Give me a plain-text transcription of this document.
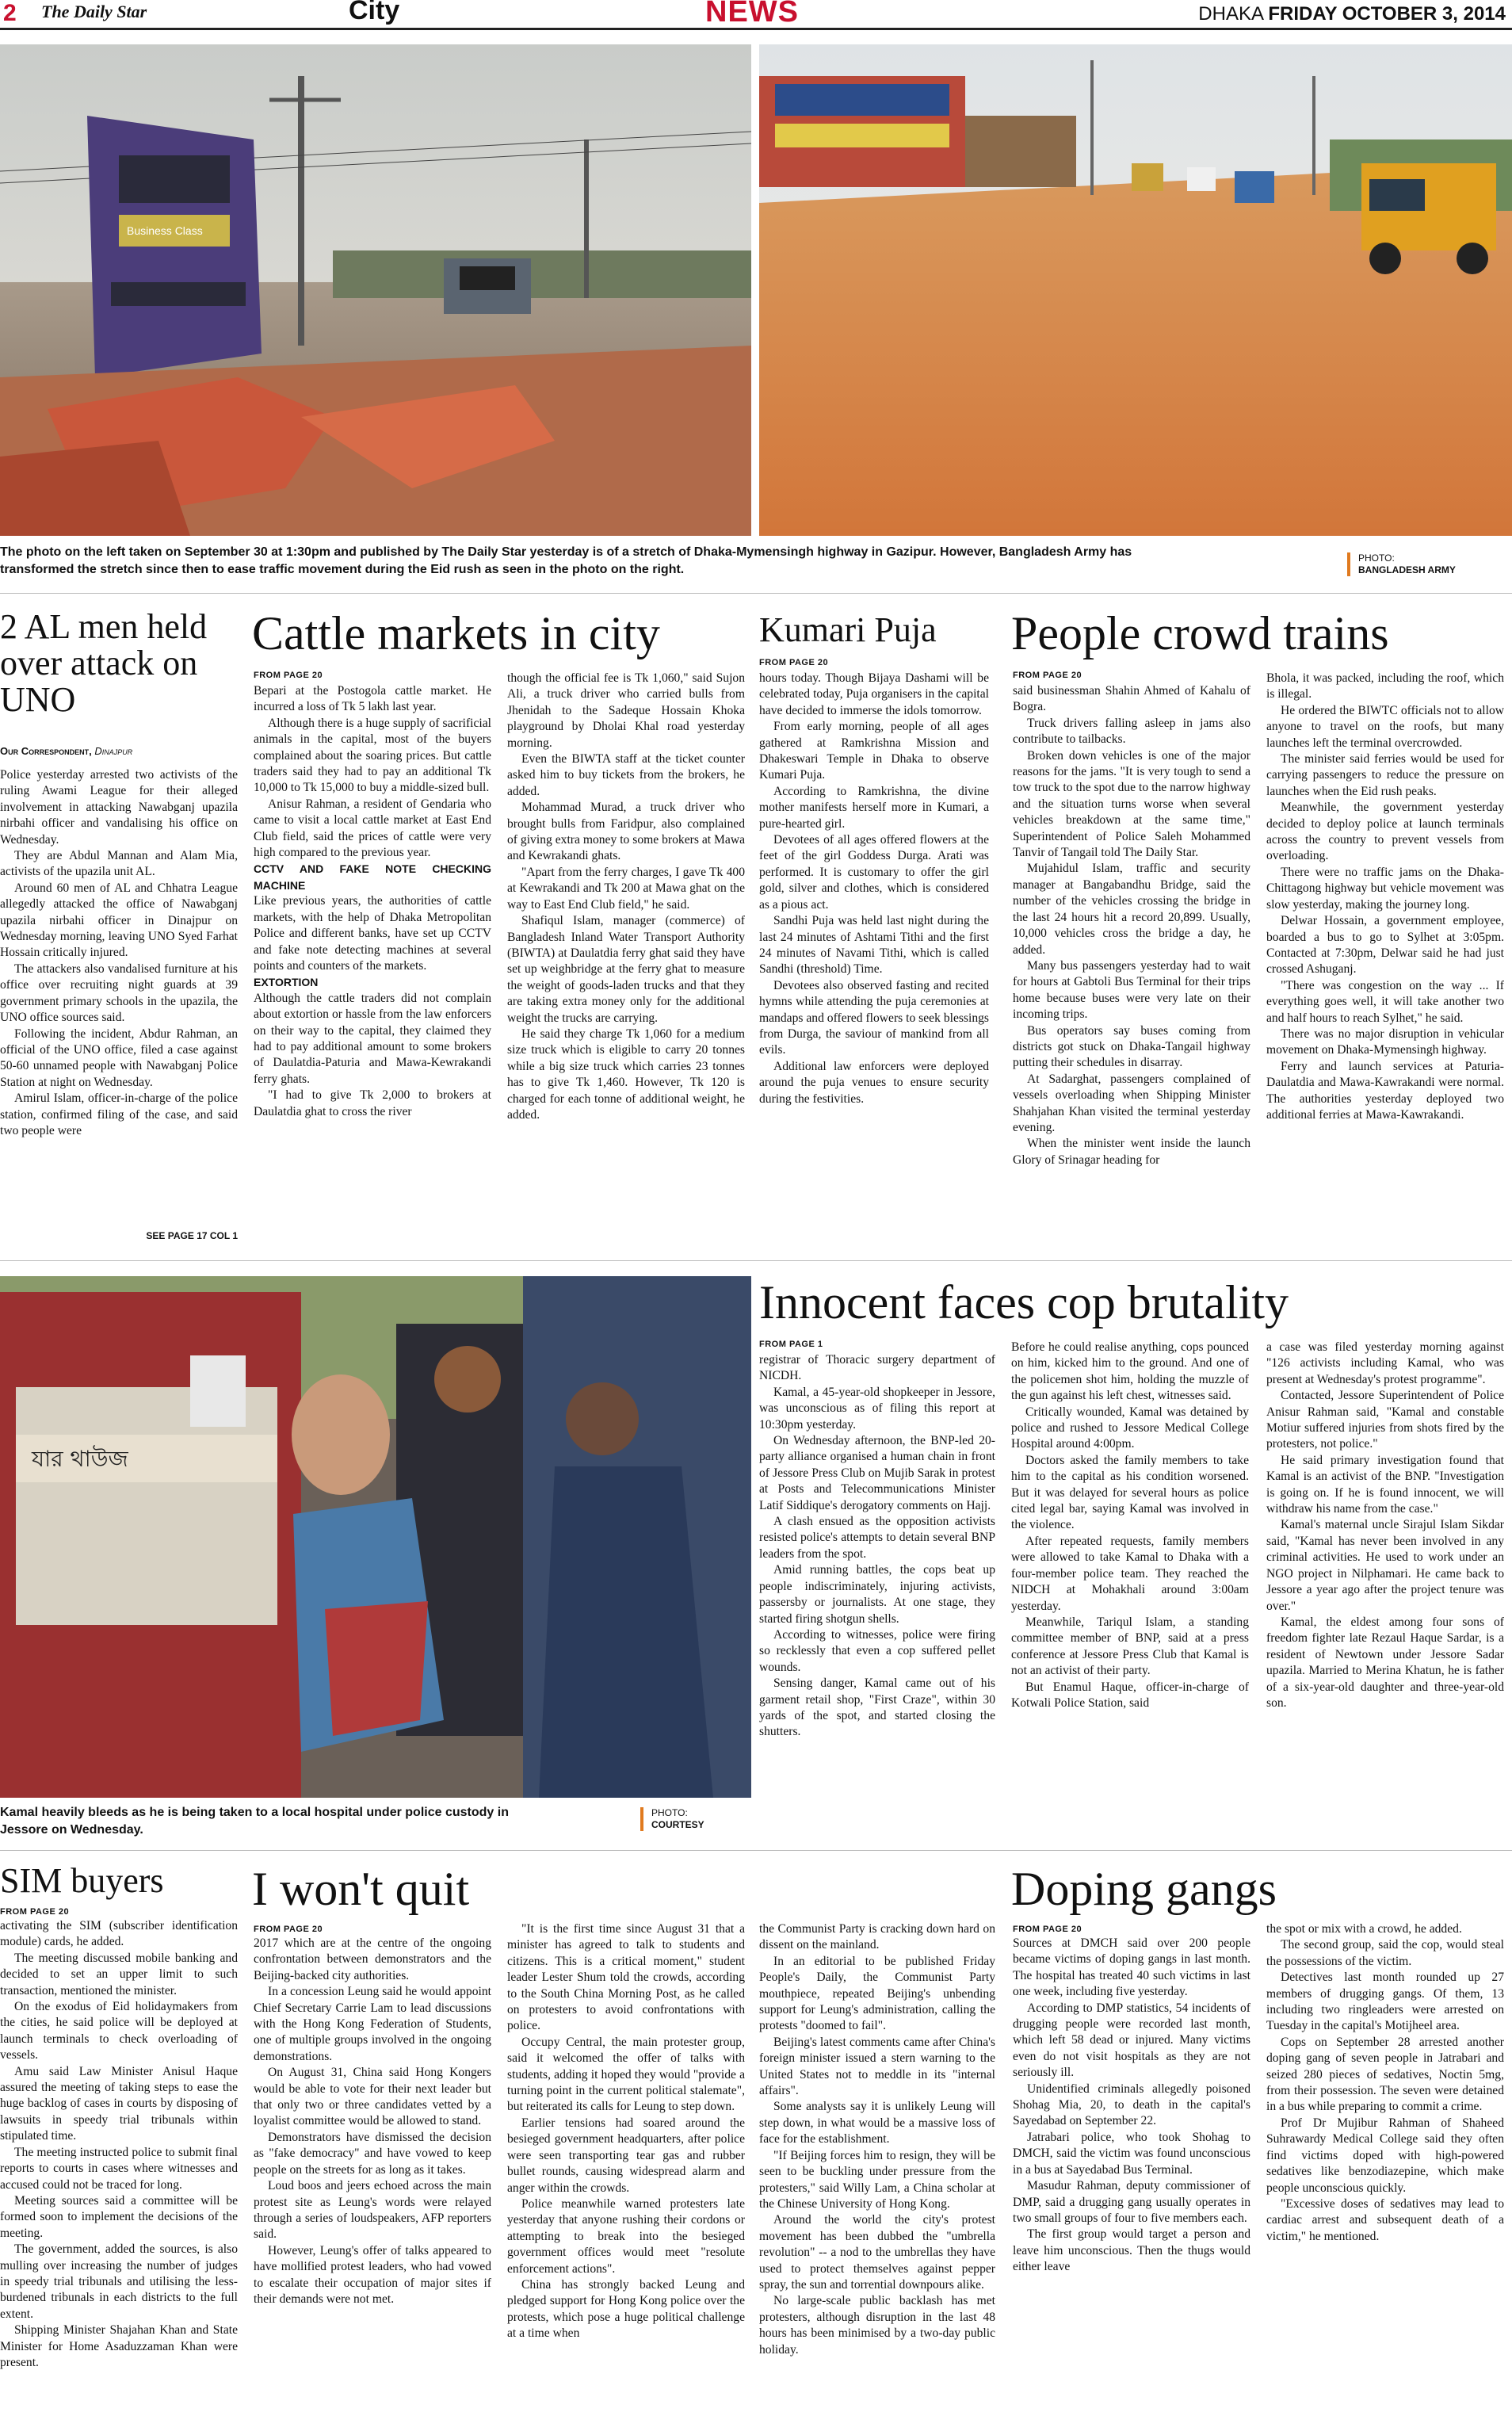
2 The Daily Star	City	NEWS	DHAKA FRIDAY OCTOBER 3, 2014
Business Class
The photo on the left taken on September 30 at 1:30pm and published by The Daily Star yesterday is of a stretch of Dhaka-Mymensingh highway in Gazipur. However, Bangladesh Army has transformed the stretch since then to ease traffic movement during the Eid rush as seen in the photo on the right.
PHOTO:
BANGLADESH ARMY
2 AL men held over attack on UNO
Our Correspondent, Dinajpur

Police yesterday arrested two activists of the ruling Awami League for their alleged involvement in attacking Nawabganj upazila nirbahi officer and vandalising his office on Wednesday.

They are Abdul Mannan and Alam Mia, activists of the upazila unit AL.

Around 60 men of AL and Chhatra League allegedly attacked the office of Nawabganj upazila nirbahi officer in Dinajpur on Wednesday morning, leaving UNO Syed Farhat Hossain critically injured.

The attackers also vandalised furniture at his office over recruiting night guards at 39 government primary schools in the upazila, the UNO office sources said.

Following the incident, Abdur Rahman, an official of the UNO office, filed a case against 50-60 unnamed people with Nawabganj Police Station at night on Wednesday.

Amirul Islam, officer-in-charge of the police station, confirmed filing of the case, and said two people were

SEE PAGE 17 COL 1
Cattle markets in city
FROM PAGE 20

Bepari at the Postogola cattle market. He incurred a loss of Tk 5 lakh last year.

Although there is a huge supply of sacrificial animals in the capital, most of the buyers complained about the soaring prices. But cattle traders said they had to pay an additional Tk 10,000 to Tk 15,000 to buy a middle-sized bull.

Anisur Rahman, a resident of Gendaria who came to visit a local cattle market at East End Club field, said the prices of cattle were very high compared to the previous year.

CCTV AND FAKE NOTE CHECKING MACHINE

Like previous years, the authorities of cattle markets, with the help of Dhaka Metropolitan Police and different banks, have set up CCTV and fake note detecting machines at several points and counters of the markets.

EXTORTION

Although the cattle traders did not complain about extortion or hassle from the law enforcers on their way to the capital, they claimed they had to pay additional amount to some brokers of Daulatdia-Paturia and Mawa-Kewrakandi ferry ghats.

"I had to give Tk 2,000 to brokers at Daulatdia ghat to cross the river

though the official fee is Tk 1,060," said Sujon Ali, a truck driver who carried bulls from Jhenidah to the Sadeque Hossain Khoka playground by Dholai Khal road yesterday morning.

Even the BIWTA staff at the ticket counter asked him to buy tickets from the brokers, he added.

Mohammad Murad, a truck driver who brought bulls from Faridpur, also complained of giving extra money to some brokers at Mawa and Kewrakandi ghats.

"Apart from the ferry charges, I gave Tk 400 at Kewrakandi and Tk 200 at Mawa ghat on the way to East End Club field," he said.

Shafiqul Islam, manager (commerce) of Bangladesh Inland Water Transport Authority (BIWTA) at Daulatdia ferry ghat said they have set up weighbridge at the ferry ghat to measure the weight of goods-laden trucks and that they are taking extra money only for the additional weight the trucks are carrying.

He said they charge Tk 1,060 for a medium size truck which is eligible to carry 20 tonnes while a big size truck which carries 23 tonnes has to give Tk 1,460. However, Tk 120 is charged for each tonne of additional weight, he added.

Kumari Puja
FROM PAGE 20

hours today. Though Bijaya Dashami will be celebrated today, Puja organisers in the capital have decided to immerse the idols tomorrow.

From early morning, people of all ages gathered at Ramkrishna Mission and Dhakeswari Temple in Dhaka to observe Kumari Puja.

According to Ramkrishna, the divine mother manifests herself more in Kumari, a pure-hearted girl.

Devotees of all ages offered flowers at the feet of the girl Goddess Durga. Arati was performed. It is customary to offer the girl gold, silver and clothes, which is considered as a pious act.

Sandhi Puja was held last night during the last 24 minutes of Ashtami Tithi and the first 24 minutes of Navami Tithi, which is called Sandhi (threshold) Time.

Devotees also observed fasting and recited hymns while attending the puja ceremonies at mandaps and offered flowers to seek blessings from Durga, the saviour of mankind from all evils.

Additional law enforcers were deployed around the puja venues to ensure security during the festivities.

People crowd trains
FROM PAGE 20

said businessman Shahin Ahmed of Kahalu of Bogra.

Truck drivers falling asleep in jams also contribute to tailbacks.

Broken down vehicles is one of the major reasons for the jams. "It is very tough to send a tow truck to the spot due to the narrow highway and the situation turns worse when several vehicles breakdown at the same time," Superintendent of Police Saleh Mohammed Tanvir of Tangail told The Daily Star.

Mujahidul Islam, traffic and security manager at Bangabandhu Bridge, said the number of the vehicles crossing the bridge in the last 24 hours hit a record 20,899. Usually, 10,000 vehicles cross the bridge a day, he added.

Many bus passengers yesterday had to wait for hours at Gabtoli Bus Terminal for their trips home because buses were very late on their incoming trips.

Bus operators say buses coming from districts got stuck on Dhaka-Tangail highway putting their schedules in disarray.

At Sadarghat, passengers complained of vessels overloading when Shipping Minister Shahjahan Khan visited the terminal yesterday evening.

When the minister went inside the launch Glory of Srinagar heading for

Bhola, it was packed, including the roof, which is illegal.

He ordered the BIWTC officials not to allow anyone to travel on the roofs, but many launches left the terminal overcrowded.

The minister said ferries would be used for carrying passengers to reduce the pressure on launches when the Eid rush peaks.

Meanwhile, the government yesterday decided to deploy police at launch terminals across the country to prevent vessels from overloading.

There were no traffic jams on the Dhaka-Chittagong highway but vehicle movement was slow yesterday, making the journey long.

Delwar Hossain, a government employee, boarded a bus to go to Sylhet at 3:05pm. Contacted at 7:30pm, Delwar said he had just crossed Ashuganj.

"There was congestion on the way ... If everything goes well, it will take another two and half hours to reach Sylhet," he said.

There was no major disruption in vehicular movement on Dhaka-Mymensingh highway.

Ferry and launch services at Paturia-Daulatdia and Mawa-Kawrakandi were normal. The authorities yesterday deployed two additional ferries at Mawa-Kawrakandi.

যার থাউজ
Kamal heavily bleeds as he is being taken to a local hospital under police custody in Jessore on Wednesday.
PHOTO:
COURTESY
Innocent faces cop brutality
FROM PAGE 1

registrar of Thoracic surgery department of NICDH.

Kamal, a 45-year-old shopkeeper in Jessore, was unconscious as of filing this report at 10:30pm yesterday.

On Wednesday afternoon, the BNP-led 20-party alliance organised a human chain in front of Jessore Press Club on Mujib Sarak in protest at Posts and Telecommunications Minister Latif Siddique's derogatory comments on Hajj.

A clash ensued as the opposition activists resisted police's attempts to detain several BNP leaders from the spot.

Amid running battles, the cops beat up people indiscriminately, injuring activists, passersby or journalists. At one stage, they started firing shotgun shells.

According to witnesses, police were firing so recklessly that even a cop suffered pellet wounds.

Sensing danger, Kamal came out of his garment retail shop, "First Craze", within 30 yards of the spot, and started closing the shutters.

Before he could realise anything, cops pounced on him, kicked him to the ground. And one of the policemen shot him, holding the muzzle of the gun against his left chest, witnesses said.

Critically wounded, Kamal was detained by police and rushed to Jessore Medical College Hospital around 4:00pm.

Doctors asked the family members to take him to the capital as his condition worsened. But it was delayed for several hours as police cited legal bar, saying Kamal was involved in the violence.

After repeated requests, family members were allowed to take Kamal to Dhaka with a four-member police team. They reached the NIDCH at Mohakhali around 3:00am yesterday.

Meanwhile, Tariqul Islam, a standing committee member of BNP, said at a press conference at Jessore Press Club that Kamal is not an activist of their party.

But Enamul Haque, officer-in-charge of Kotwali Police Station, said

a case was filed yesterday morning against "126 activists including Kamal, who was present at Wednesday's protest programme".

Contacted, Jessore Superintendent of Police Anisur Rahman said, "Kamal and constable Motiur suffered injuries from shots fired by the protesters, not police."

He said primary investigation found that Kamal is an activist of the BNP. "Investigation is going on. If he is found innocent, we will withdraw his name from the case."

Kamal's maternal uncle Sirajul Islam Sikdar said, "Kamal has never been involved in any criminal activities. He used to work under an NGO project in Nilphamari. He came back to Jessore a year ago after the project tenure was over."

Kamal, the eldest among four sons of freedom fighter late Rezaul Haque Sardar, is a resident of Newtown under Jessore Sadar upazila. Married to Merina Khatun, he is father of a six-year-old daughter and three-year-old son.

SIM buyers
FROM PAGE 20

activating the SIM (subscriber identification module) cards, he added.

The meeting discussed mobile banking and decided to set an upper limit to such transaction, mentioned the minister.

On the exodus of Eid holidaymakers from the cities, he said police will be deployed at launch terminals to check overloading of vessels.

Amu said Law Minister Anisul Haque assured the meeting of taking steps to ease the huge backlog of cases in courts by disposing of lawsuits in speedy trial tribunals within stipulated time.

The meeting instructed police to submit final reports to courts in cases where witnesses and accused could not be traced for long.

Meeting sources said a committee will be formed soon to implement the decisions of the meeting.

The government, added the sources, is also mulling over increasing the number of judges in speedy trial tribunals and utilising the less-burdened tribunals in each districts to the full extent.

Shipping Minister Shajahan Khan and State Minister for Home Asaduzzaman Khan were present.

I won't quit
FROM PAGE 20

2017 which are at the centre of the ongoing confrontation between demonstrators and the Beijing-backed city authorities.

In a concession Leung said he would appoint Chief Secretary Carrie Lam to lead discussions with the Hong Kong Federation of Students, one of multiple groups involved in the ongoing demonstrations.

On August 31, China said Hong Kongers would be able to vote for their next leader but that only two or three candidates vetted by a loyalist committee would be allowed to stand.

Demonstrators have dismissed the decision as "fake democracy" and have vowed to keep people on the streets for as long as it takes.

Loud boos and jeers echoed across the main protest site as Leung's words were relayed through a series of loudspeakers, AFP reporters said.

However, Leung's offer of talks appeared to have mollified protest leaders, who had vowed to escalate their occupation of major sites if their demands were not met.

"It is the first time since August 31 that a minister has agreed to talk to students and citizens. This is a critical moment," student leader Lester Shum told the crowds, according to the South China Morning Post, as he called on protesters to avoid confrontations with police.

Occupy Central, the main protester group, said it welcomed the offer of talks with students, adding it hoped they would "provide a turning point in the current political stalemate", but reiterated its calls for Leung to step down.

Earlier tensions had soared around the besieged government headquarters, after police were seen transporting tear gas and rubber bullet rounds, causing widespread alarm and anger within the crowds.

Police meanwhile warned protesters late yesterday that anyone rushing their cordons or attempting to break into the besieged government offices would meet "resolute enforcement actions".

China has strongly backed Leung and pledged support for Hong Kong police over the protests, which pose a huge political challenge at a time when

the Communist Party is cracking down hard on dissent on the mainland.

In an editorial to be published Friday People's Daily, the Communist Party mouthpiece, repeated Beijing's unbending support for Leung's administration, calling the protests "doomed to fail".

Beijing's latest comments came after China's foreign minister issued a stern warning to the United States not to meddle in its "internal affairs".

Some analysts say it is unlikely Leung will step down, in what would be a massive loss of face for the establishment.

"If Beijing forces him to resign, they will be seen to be buckling under pressure from the protesters," said Willy Lam, a China scholar at the Chinese University of Hong Kong.

Around the world the city's protest movement has been dubbed the "umbrella revolution" -- a nod to the umbrellas they have used to protect themselves against pepper spray, the sun and torrential downpours alike.

No large-scale public backlash has met protesters, although disruption in the last 48 hours has been minimised by a two-day public holiday.

Doping gangs
FROM PAGE 20

Sources at DMCH said over 200 people became victims of doping gangs in last month. The hospital has treated 40 such victims in last one week, including five yesterday.

According to DMP statistics, 54 incidents of drugging people were recorded last month, which left 58 dead or injured. Many victims even do not visit hospitals as they are not seriously ill.

Unidentified criminals allegedly poisoned Shohag Mia, 20, to death in the capital's Sayedabad on September 22.

Jatrabari police, who took Shohag to DMCH, said the victim was found unconscious in a bus at Sayedabad Bus Terminal.

Masudur Rahman, deputy commissioner of DMP, said a drugging gang usually operates in two small groups of four to five members each.

The first group would target a person and leave him unconscious. Then the thugs would either leave

the spot or mix with a crowd, he added.

The second group, said the cop, would steal the possessions of the victim.

Detectives last month rounded up 27 members of drugging gangs. Of them, 13 including two ringleaders were arrested on Tuesday in the capital's Motijheel area.

Cops on September 28 arrested another doping gang of seven people in Jatrabari and seized 280 pieces of sedatives, Noctin 5mg, from their possession. The seven were detained in a bus while preparing to commit a crime.

Prof Dr Mujibur Rahman of Shaheed Suhrawardy Medical College said they often find victims doped with high-powered sedatives like benzodiazepine, which make people unconscious quickly.

"Excessive doses of sedatives may lead to cardiac arrest and subsequent death of a victim," he mentioned.
